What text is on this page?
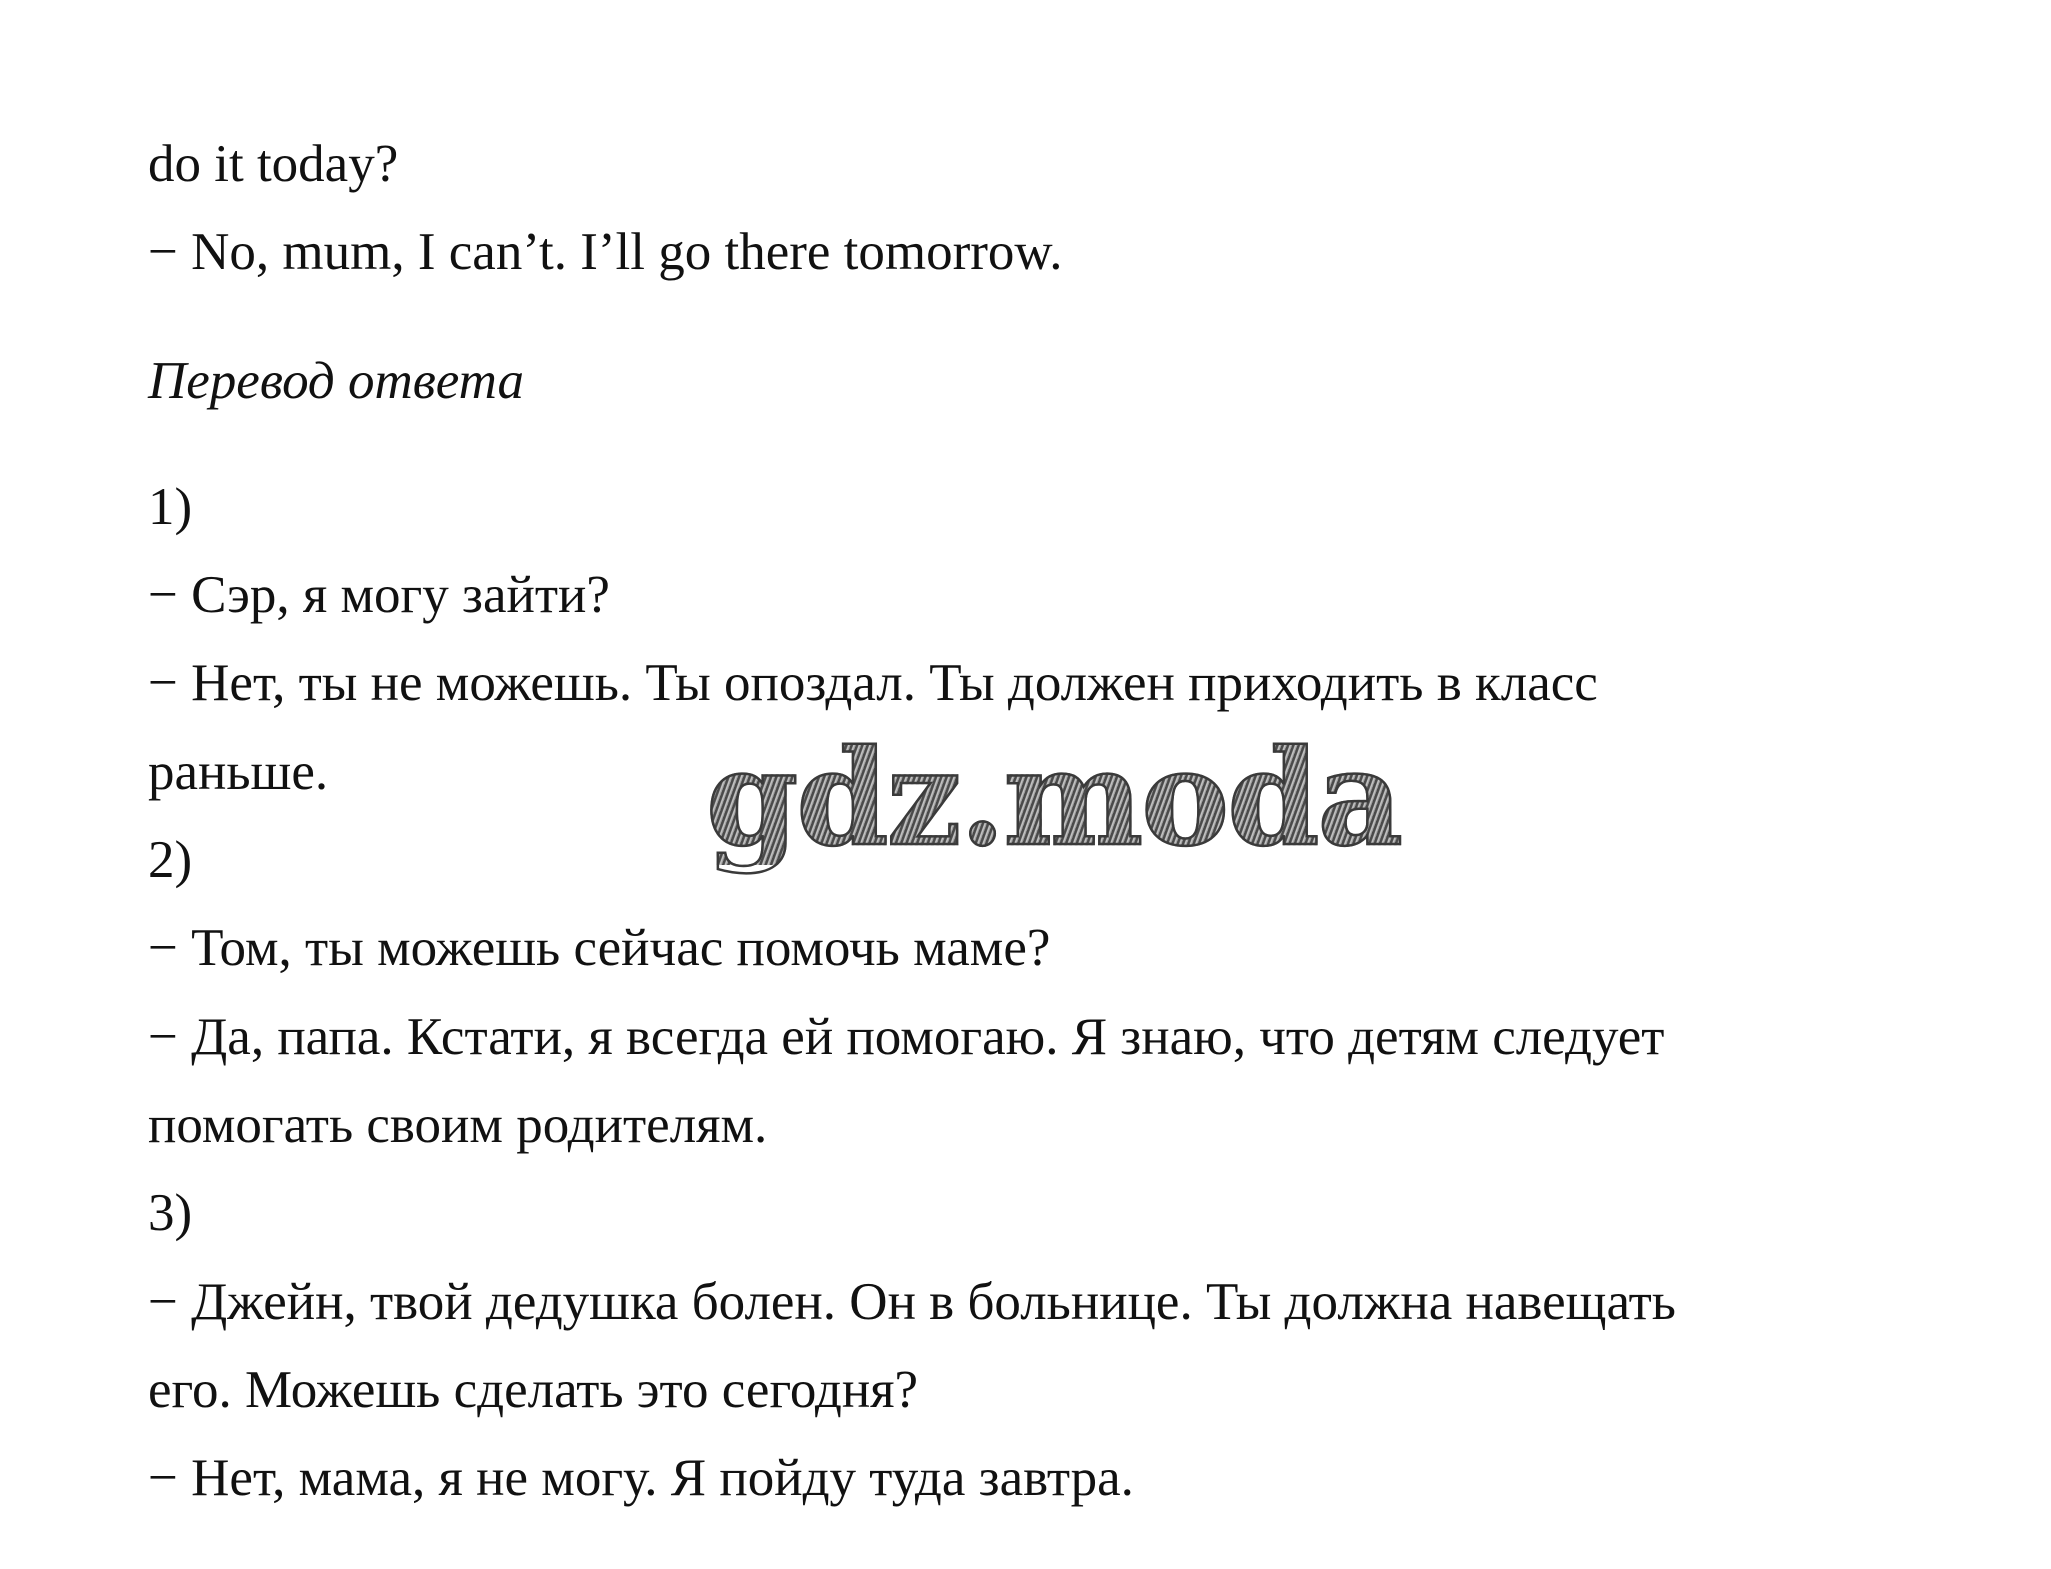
do it today?
− No, mum, I can’t. I’ll go there tomorrow.
Перевод ответа
1)
− Сэр, я могу зайти?
− Нет, ты не можешь. Ты опоздал. Ты должен приходить в класс
раньше.
2)
− Том, ты можешь сейчас помочь маме?
− Да, папа. Кстати, я всегда ей помогаю. Я знаю, что детям следует
помогать своим родителям.
3)
− Джейн, твой дедушка болен. Он в больнице. Ты должна навещать
его. Можешь сделать это сегодня?
− Нет, мама, я не могу. Я пойду туда завтра.
gdz.moda
